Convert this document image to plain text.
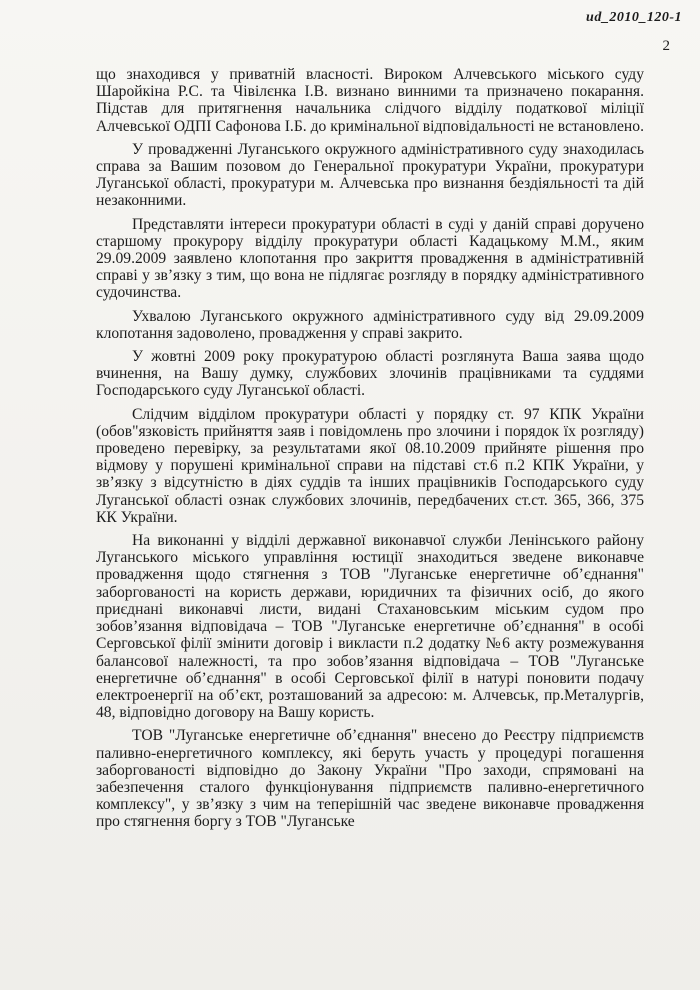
ud_2010_120-1
2

що знаходився у приватній власності. Вироком Алчевського міського суду Шаройкіна Р.С. та Чівілєнка І.В. визнано винними та призначено покарання. Підстав для притягнення начальника слідчого відділу податкової міліції Алчевської ОДПІ Сафонова І.Б. до кримінальної відповідальності не встановлено.

У провадженні Луганського окружного адміністративного суду знаходилась справа за Вашим позовом до Генеральної прокуратури України, прокуратури Луганської області, прокуратури м. Алчевська про визнання бездіяльності та дій незаконними.

Представляти інтереси прокуратури області в суді у даній справі доручено старшому прокурору відділу прокуратури області Кадацькому М.М., яким 29.09.2009 заявлено клопотання про закриття провадження в адміністративній справі у зв’язку з тим, що вона не підлягає розгляду в порядку адміністративного судочинства.

Ухвалою Луганського окружного адміністративного суду від 29.09.2009 клопотання задоволено, провадження у справі закрито.

У жовтні 2009 року прокуратурою області розглянута Ваша заява щодо вчинення, на Вашу думку, службових злочинів працівниками та суддями Господарського суду Луганської області.

Слідчим відділом прокуратури області у порядку ст. 97 КПК України (обов"язковість прийняття заяв і повідомлень про злочини і порядок їх розгляду) проведено перевірку, за результатами якої 08.10.2009 прийняте рішення про відмову у порушені кримінальної справи на підставі ст.6 п.2 КПК України, у зв’язку з відсутністю в діях суддів та інших працівників Господарського суду Луганської області ознак службових злочинів, передбачених ст.ст. 365, 366, 375 КК України.

На виконанні у відділі державної виконавчої служби Ленінського району Луганського міського управління юстиції знаходиться зведене виконавче провадження щодо стягнення з ТОВ "Луганське енергетичне об’єднання" заборгованості на користь держави, юридичних та фізичних осіб, до якого приєднані виконавчі листи, видані Стахановським міським судом про зобов’язання відповідача – ТОВ "Луганське енергетичне об’єднання" в особі Серговської філії змінити договір і викласти п.2 додатку №6 акту розмежування балансової належності, та про зобов’язання відповідача – ТОВ "Луганське енергетичне об’єднання" в особі Серговської філії в натурі поновити подачу електроенергії на об’єкт, розташований за адресою: м. Алчевськ, пр.Металургів, 48, відповідно договору на Вашу користь.

ТОВ "Луганське енергетичне об’єднання" внесено до Реєстру підприємств паливно-енергетичного комплексу, які беруть участь у процедурі погашення заборгованості відповідно до Закону України "Про заходи, спрямовані на забезпечення сталого функціонування підприємств паливно-енергетичного комплексу", у зв’язку з чим на теперішній час зведене виконавче провадження про стягнення боргу з ТОВ "Луганське
